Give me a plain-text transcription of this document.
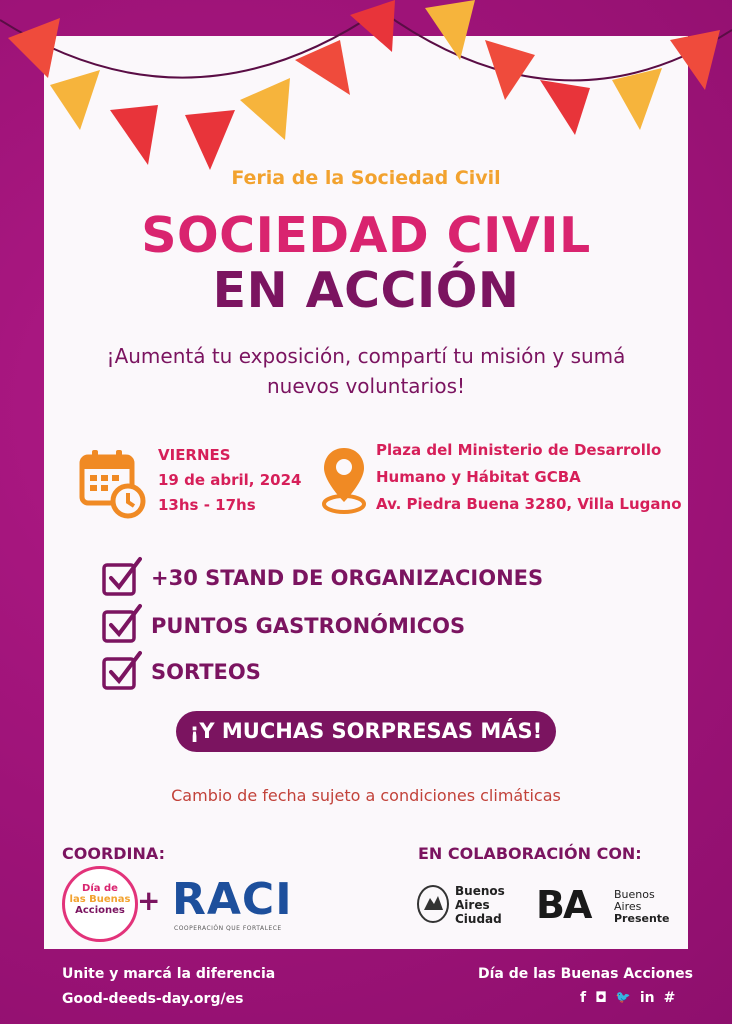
Feria de la Sociedad Civil
SOCIEDAD CIVIL
EN ACCIÓN
¡Aumentá tu exposición, compartí tu misión y sumá
nuevos voluntarios!
VIERNES
19 de abril, 2024
13hs - 17hs
Plaza del Ministerio de Desarrollo
Humano y Hábitat GCBA
Av. Piedra Buena 3280, Villa Lugano
+30 STAND DE ORGANIZACIONES
PUNTOS GASTRONÓMICOS
SORTEOS
¡Y MUCHAS SORPRESAS MÁS!
Cambio de fecha sujeto a condiciones climáticas
COORDINA:
Día de
las Buenas
Acciones + RACI
COOPERACIÓN QUE FORTALECE
EN COLABORACIÓN CON:
Buenos
Aires
Ciudad BA Buenos
Aires
Presente
Unite y marcá la diferencia
Good-deeds-day.org/es
Día de las Buenas Acciones
f ◘ 🐦 in #
